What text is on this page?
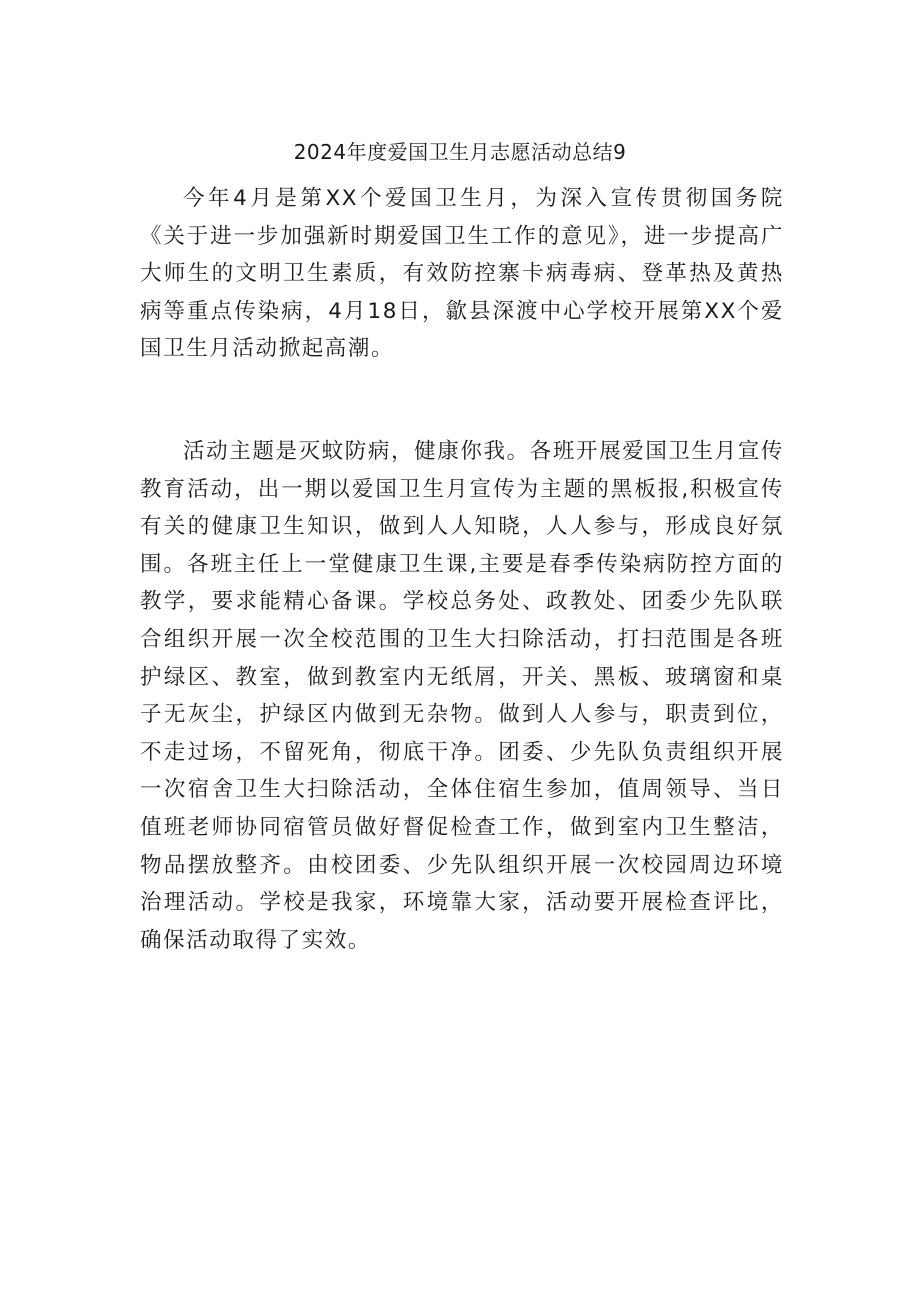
2024年度爱国卫生月志愿活动总结9

今年4月是第XX个爱国卫生月，为深入宣传贯彻国务院《关于进一步加强新时期爱国卫生工作的意见》，进一步提高广大师生的文明卫生素质，有效防控寨卡病毒病、登革热及黄热病等重点传染病，4月18日，歙县深渡中心学校开展第XX个爱国卫生月活动掀起高潮。

活动主题是灭蚊防病，健康你我。各班开展爱国卫生月宣传教育活动，出一期以爱国卫生月宣传为主题的黑板报,积极宣传有关的健康卫生知识，做到人人知晓，人人参与，形成良好氛围。各班主任上一堂健康卫生课,主要是春季传染病防控方面的教学，要求能精心备课。学校总务处、政教处、团委少先队联合组织开展一次全校范围的卫生大扫除活动，打扫范围是各班护绿区、教室，做到教室内无纸屑，开关、黑板、玻璃窗和桌子无灰尘，护绿区内做到无杂物。做到人人参与，职责到位，不走过场，不留死角，彻底干净。团委、少先队负责组织开展一次宿舍卫生大扫除活动，全体住宿生参加，值周领导、当日值班老师协同宿管员做好督促检查工作，做到室内卫生整洁，物品摆放整齐。由校团委、少先队组织开展一次校园周边环境治理活动。学校是我家，环境靠大家，活动要开展检查评比，确保活动取得了实效。
